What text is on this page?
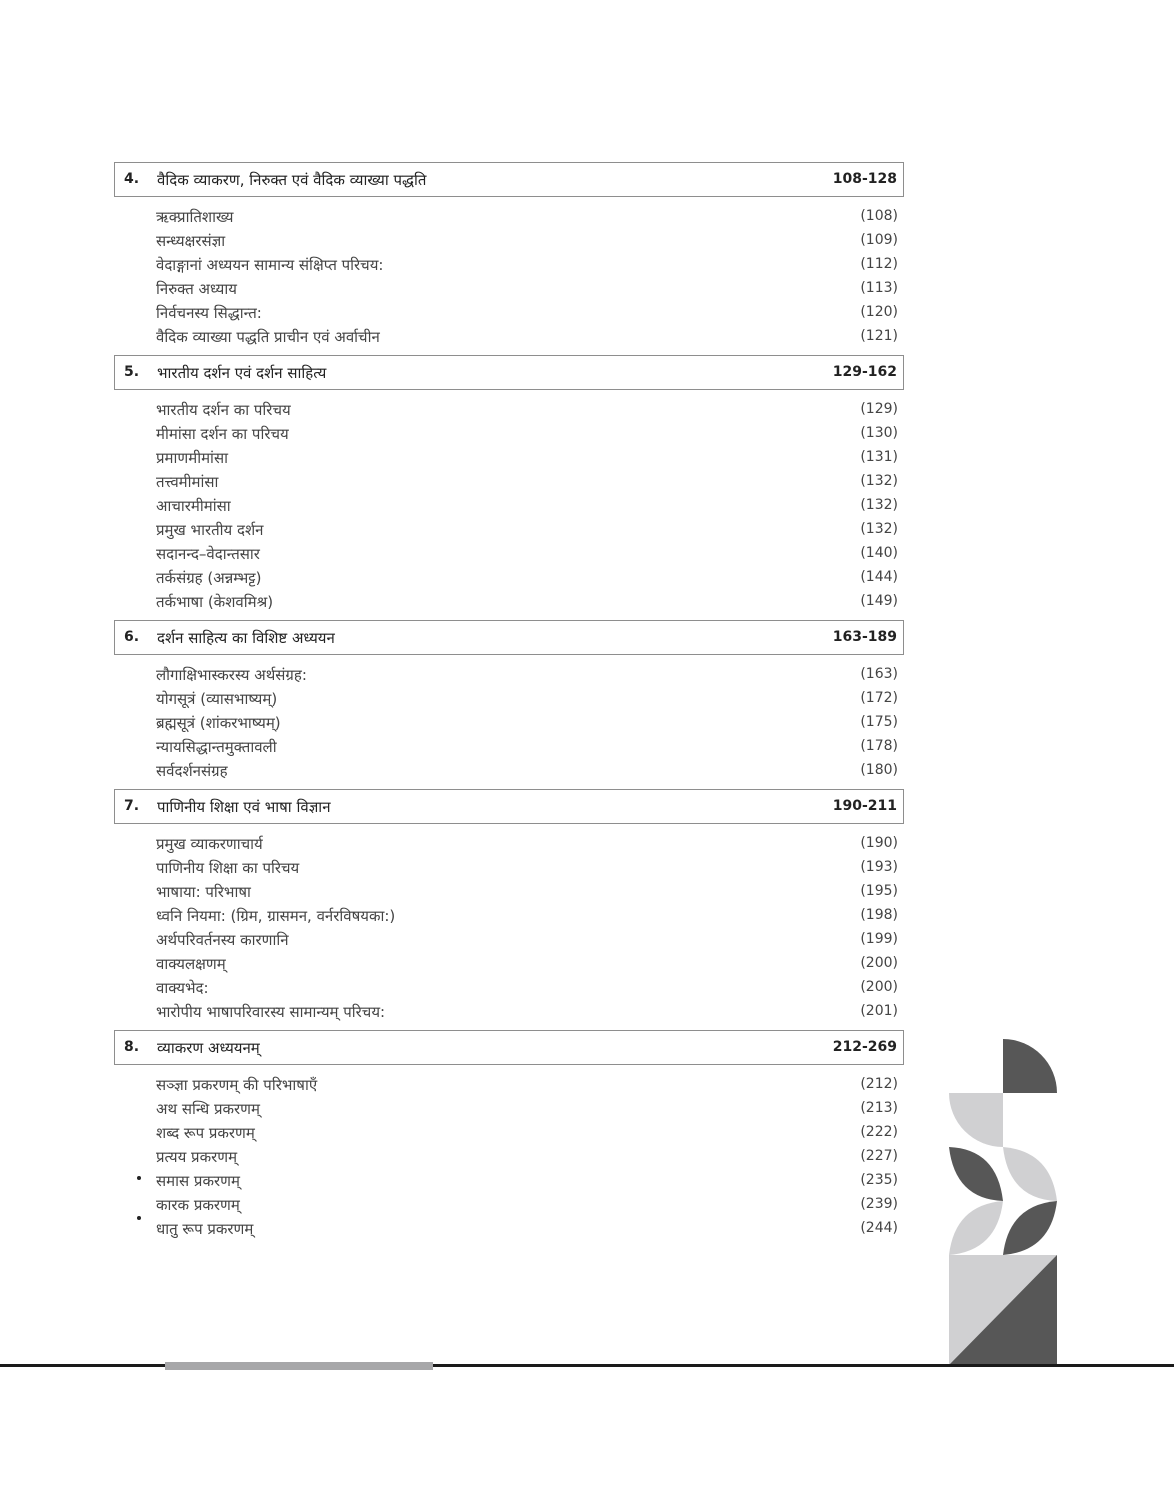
4. वैदिक व्याकरण, निरुक्त एवं वैदिक व्याख्या पद्धति	108-128
ऋक्प्रातिशाख्य	(108)
सन्ध्यक्षरसंज्ञा	(109)
वेदाङ्गानां अध्ययन सामान्य संक्षिप्त परिचय:	(112)
निरुक्त अध्याय	(113)
निर्वचनस्य सिद्धान्त:	(120)
वैदिक व्याख्या पद्धति प्राचीन एवं अर्वाचीन	(121)
5. भारतीय दर्शन एवं दर्शन साहित्य	129-162
भारतीय दर्शन का परिचय	(129)
मीमांसा दर्शन का परिचय	(130)
प्रमाणमीमांसा	(131)
तत्त्वमीमांसा	(132)
आचारमीमांसा	(132)
प्रमुख भारतीय दर्शन	(132)
सदानन्द–वेदान्तसार	(140)
तर्कसंग्रह (अन्नम्भट्ट)	(144)
तर्कभाषा (केशवमिश्र)	(149)
6. दर्शन साहित्य का विशिष्ट अध्ययन	163-189
लौगाक्षिभास्करस्य अर्थसंग्रह:	(163)
योगसूत्रं (व्यासभाष्यम्)	(172)
ब्रह्मसूत्रं (शांकरभाष्यम्)	(175)
न्यायसिद्धान्तमुक्तावली	(178)
सर्वदर्शनसंग्रह	(180)
7. पाणिनीय शिक्षा एवं भाषा विज्ञान	190-211
प्रमुख व्याकरणाचार्य	(190)
पाणिनीय शिक्षा का परिचय	(193)
भाषाया: परिभाषा	(195)
ध्वनि नियमा: (ग्रिम, ग्रासमन, वर्नरविषयका:)	(198)
अर्थपरिवर्तनस्य कारणानि	(199)
वाक्यलक्षणम्	(200)
वाक्यभेद:	(200)
भारोपीय भाषापरिवारस्य सामान्यम् परिचय:	(201)
8. व्याकरण अध्ययनम्	212-269
सञ्ज्ञा प्रकरणम् की परिभाषाएँ	(212)
अथ सन्धि प्रकरणम्	(213)
शब्द रूप प्रकरणम्	(222)
प्रत्यय प्रकरणम्	(227)
समास प्रकरणम्	(235)
कारक प्रकरणम्	(239)
धातु रूप प्रकरणम्	(244)
